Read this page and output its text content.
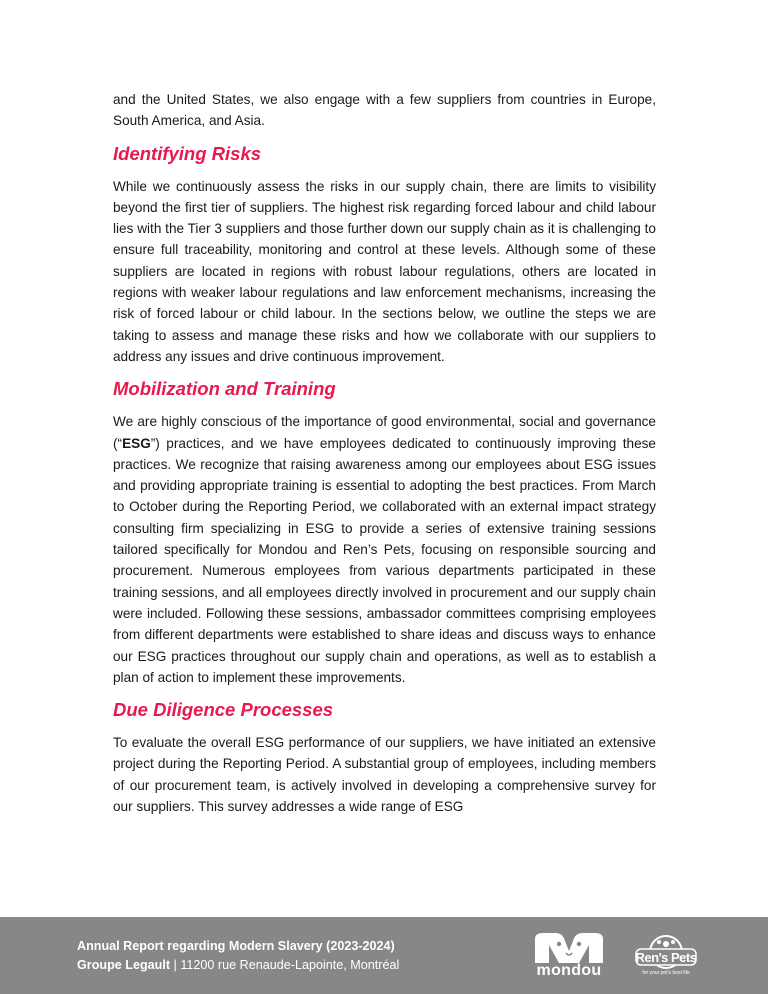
and the United States, we also engage with a few suppliers from countries in Europe, South America, and Asia.

Identifying Risks

While we continuously assess the risks in our supply chain, there are limits to visibility beyond the first tier of suppliers. The highest risk regarding forced labour and child labour lies with the Tier 3 suppliers and those further down our supply chain as it is challenging to ensure full traceability, monitoring and control at these levels. Although some of these suppliers are located in regions with robust labour regulations, others are located in regions with weaker labour regulations and law enforcement mechanisms, increasing the risk of forced labour or child labour. In the sections below, we outline the steps we are taking to assess and manage these risks and how we collaborate with our suppliers to address any issues and drive continuous improvement.

Mobilization and Training

We are highly conscious of the importance of good environmental, social and governance (“ESG”) practices, and we have employees dedicated to continuously improving these practices. We recognize that raising awareness among our employees about ESG issues and providing appropriate training is essential to adopting the best practices. From March to October during the Reporting Period, we collaborated with an external impact strategy consulting firm specializing in ESG to provide a series of extensive training sessions tailored specifically for Mondou and Ren’s Pets, focusing on responsible sourcing and procurement. Numerous employees from various departments participated in these training sessions, and all employees directly involved in procurement and our supply chain were included. Following these sessions, ambassador committees comprising employees from different departments were established to share ideas and discuss ways to enhance our ESG practices throughout our supply chain and operations, as well as to establish a plan of action to implement these improvements.

Due Diligence Processes

To evaluate the overall ESG performance of our suppliers, we have initiated an extensive project during the Reporting Period. A substantial group of employees, including members of our procurement team, is actively involved in developing a comprehensive survey for our suppliers. This survey addresses a wide range of ESG

Annual Report regarding Modern Slavery (2023-2024)
Groupe Legault | 11200 rue Renaude-Lapointe, Montréal	mondou
Ren's Pets
for your pet's best life
